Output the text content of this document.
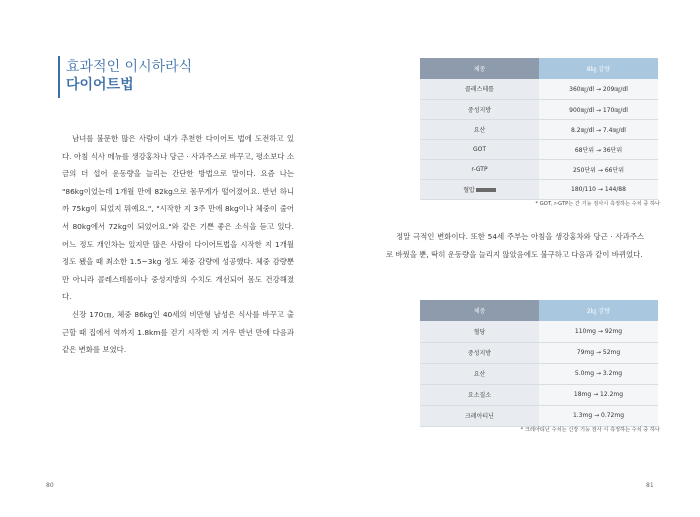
효과적인 이시하라식
다이어트법

남녀를 불문한 많은 사람이 내가 추천한 다이어트 법에 도전하고 있다. 아침 식사 메뉴를 생강홍차나 당근 · 사과주스로 바꾸고, 평소보다 소금의 더 섭어 운동량을 늘리는 간단한 방법으로 말이다. 요즘 나는 "86kg이었는데 1개월 만에 82kg으로 몸무게가 떨어졌어요. 반년 하니까 75kg이 되었지 뭐예요.", "시작한 지 3주 만에 8kg이나 체중이 줄어서 80kg에서 72kg이 되었어요."와 같은 기쁜 좋은 소식을 듣고 있다. 어느 정도 개인차는 있지만 많은 사람이 다이어트법을 시작한 지 1개월 정도 됐을 때 최소한 1.5~3kg 정도 체중 감량에 성공했다. 체중 감량뿐만 아니라 콜레스테롤이나 중성지방의 수치도 개선되어 몸도 건강해졌다.

신장 170㎝, 체중 86kg인 40세의 비만형 남성은 식사를 바꾸고 출근할 때 집에서 역까지 1.8km를 걷기 시작한 지 겨우 반년 만에 다음과 같은 변화를 보였다.

80
체중	8㎏ 감량
콜레스테롤	360㎎/dl → 209㎎/dl
중성지방	900㎎/dl → 170㎎/dl
요산	8.2㎎/dl → 7.4㎎/dl
GOT	68단위 → 36단위
r-GTP	250단위 → 66단위
혈압	180/110 → 144/88
* GOT, r-GTP는 간 기능 검사시 측정하는 수치 중 하나

정말 극적인 변화이다. 또한 54세 주부는 아침을 생강홍차와 당근 · 사과주스로 바꿨을 뿐, 딱히 운동량을 늘리지 않았음에도 불구하고 다음과 같이 바뀌었다.

체중	2㎏ 감량
혈당	110mg → 92mg
중성지방	79mg → 52mg
요산	5.0mg → 3.2mg
요소질소	18mg → 12.2mg
크레아티닌	1.3mg → 0.72mg
* 크레아티닌 수치는 신장 기능 검사 시 측정하는 수치 중 하나
81
